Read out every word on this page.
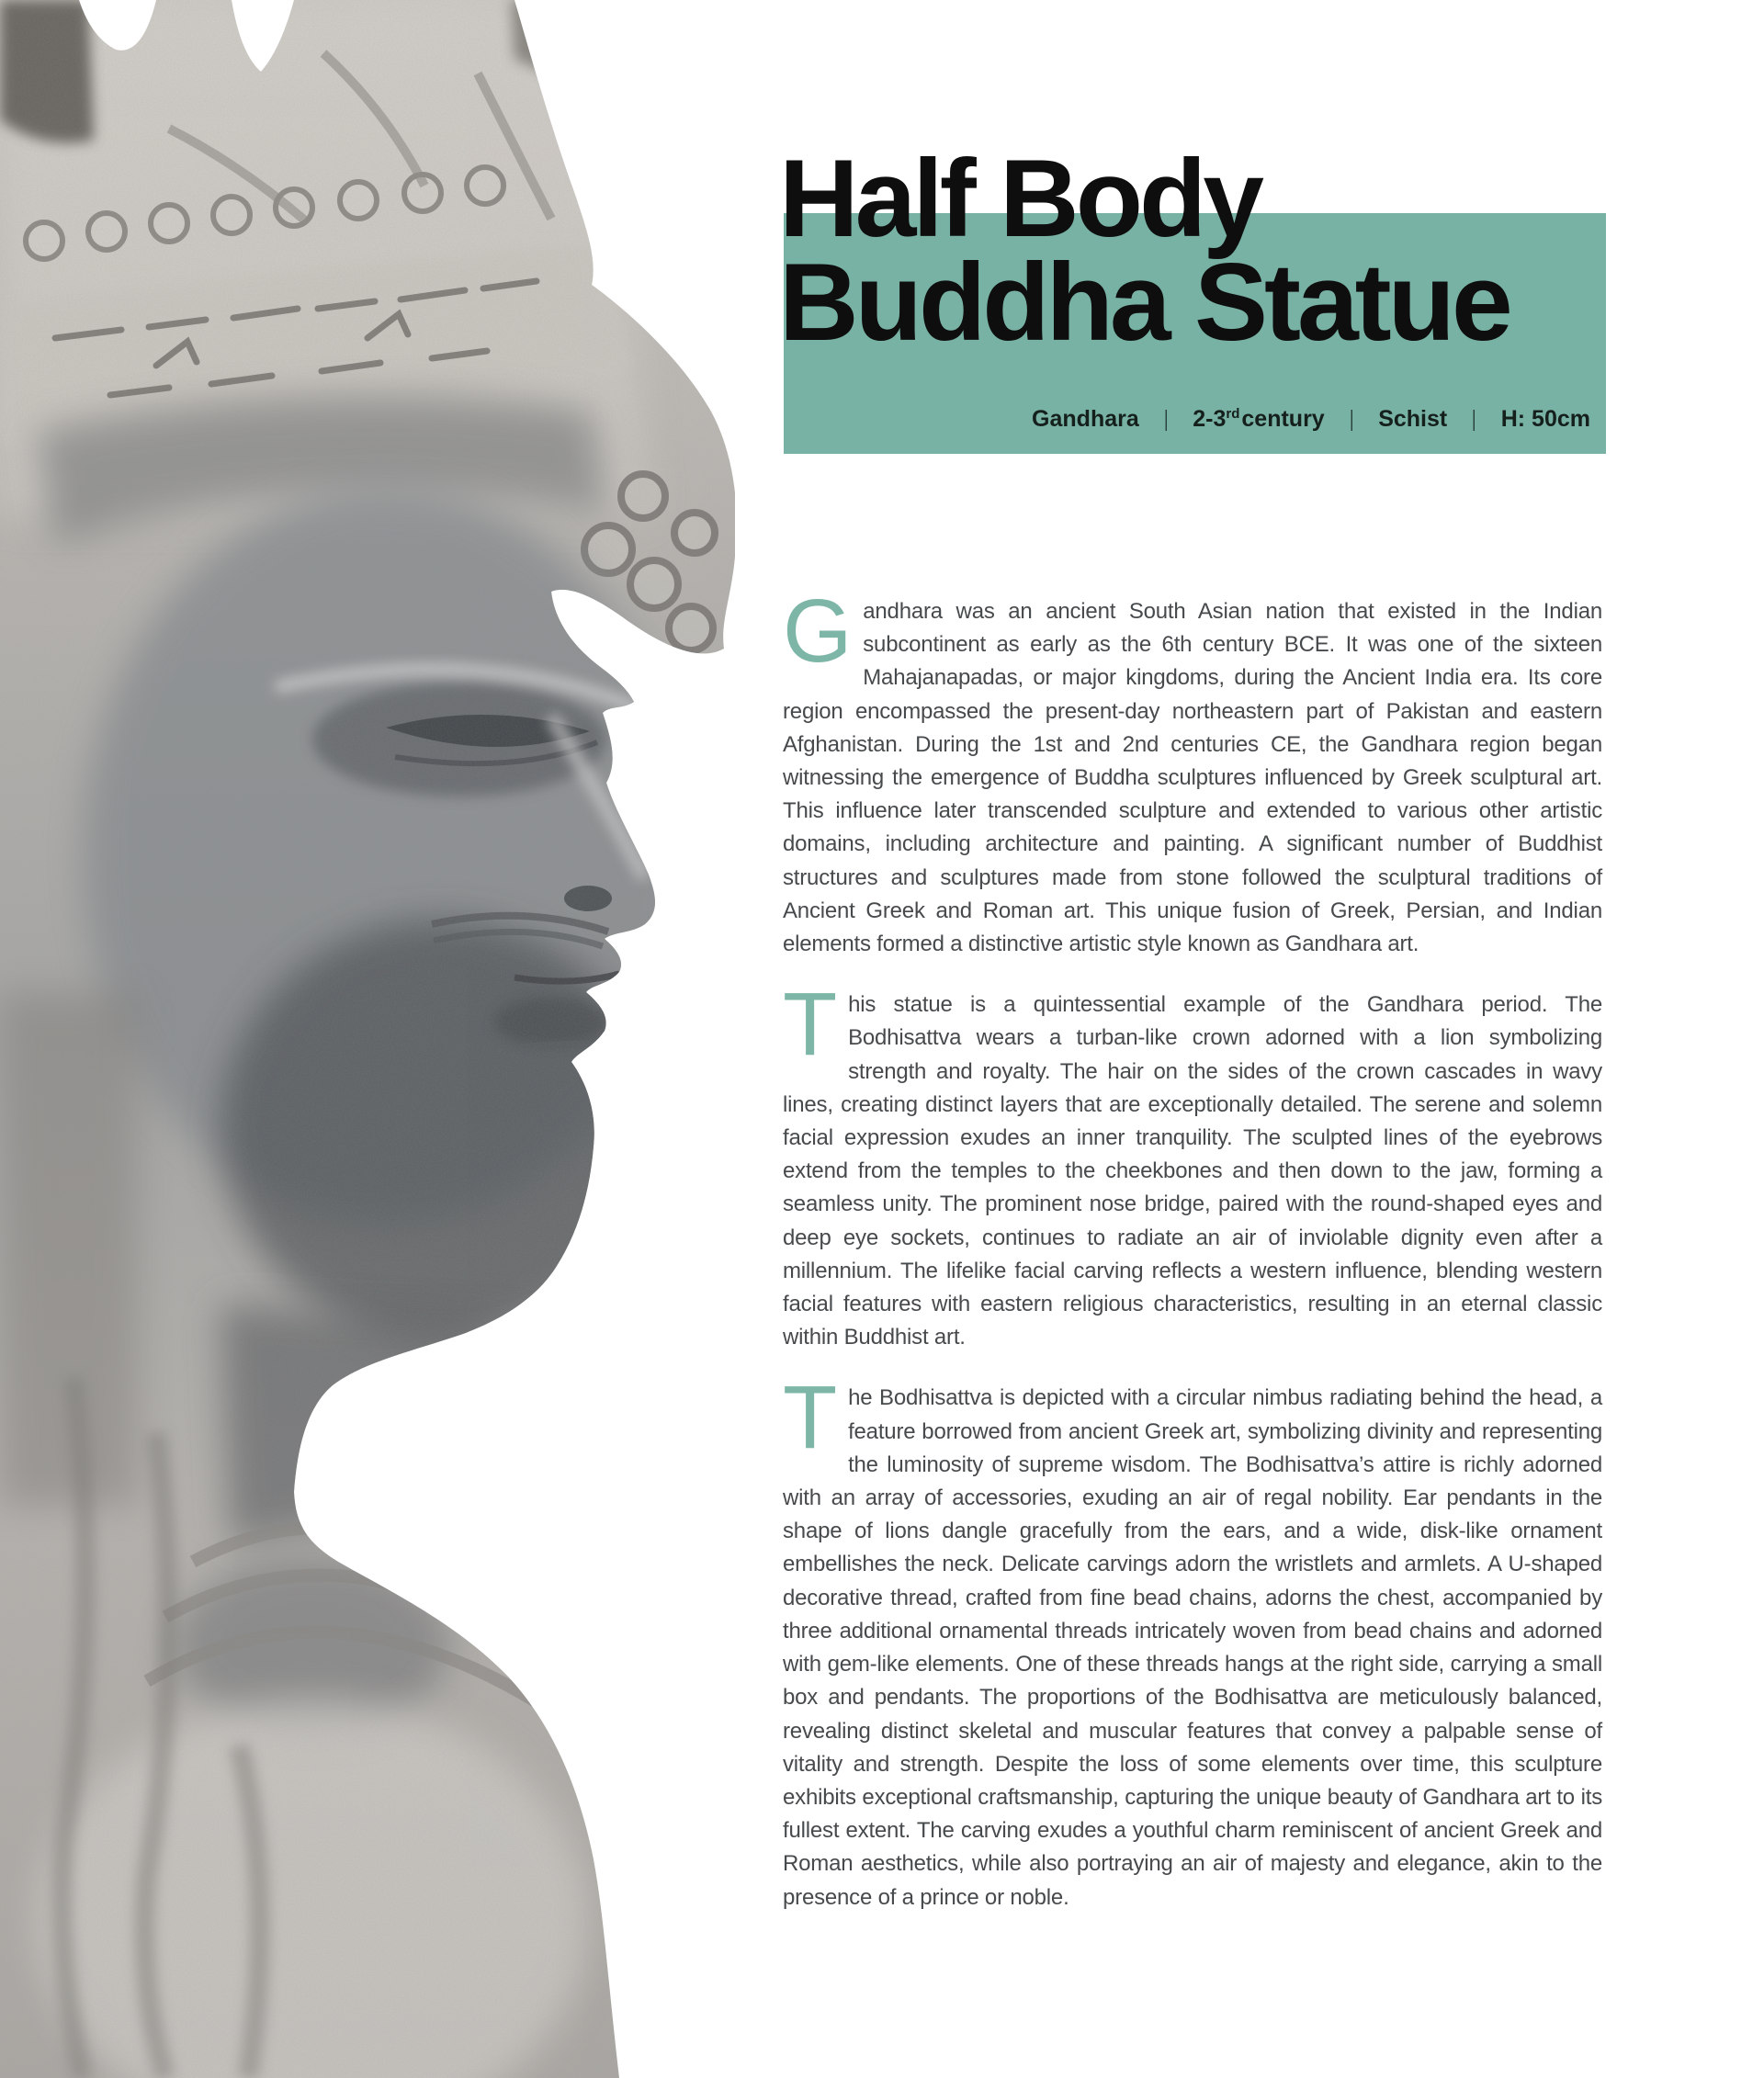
Half Body
Buddha Statue
Gandhara | 2-3rdcentury | Schist | H: 50cm

Gandhara was an ancient South Asian nation that existed in the Indian subcontinent as early as the 6th century BCE. It was one of the sixteen Mahajanapadas, or major kingdoms, during the Ancient India era. Its core region encompassed the present-day northeastern part of Pakistan and eastern Afghanistan. During the 1st and 2nd centuries CE, the Gandhara region began witnessing the emergence of Buddha sculptures influenced by Greek sculptural art. This influence later transcended sculpture and extended to various other artistic domains, including architecture and painting. A significant number of Buddhist structures and sculptures made from stone followed the sculptural traditions of Ancient Greek and Roman art. This unique fusion of Greek, Persian, and Indian elements formed a distinctive artistic style known as Gandhara art.

This statue is a quintessential example of the Gandhara period. The Bodhisattva wears a turban-like crown adorned with a lion symbolizing strength and royalty. The hair on the sides of the crown cascades in wavy lines, creating distinct layers that are exceptionally detailed. The serene and solemn facial expression exudes an inner tranquility. The sculpted lines of the eyebrows extend from the temples to the cheekbones and then down to the jaw, forming a seamless unity. The prominent nose bridge, paired with the round-shaped eyes and deep eye sockets, continues to radiate an air of inviolable dignity even after a millennium. The lifelike facial carving reflects a western influence, blending western facial features with eastern religious characteristics, resulting in an eternal classic within Buddhist art.

The Bodhisattva is depicted with a circular nimbus radiating behind the head, a feature borrowed from ancient Greek art, symbolizing divinity and representing the luminosity of supreme wisdom. The Bodhisattva’s attire is richly adorned with an array of accessories, exuding an air of regal nobility. Ear pendants in the shape of lions dangle gracefully from the ears, and a wide, disk-like ornament embellishes the neck. Delicate carvings adorn the wristlets and armlets. A U-shaped decorative thread, crafted from fine bead chains, adorns the chest, accompanied by three additional ornamental threads intricately woven from bead chains and adorned with gem-like elements. One of these threads hangs at the right side, carrying a small box and pendants. The proportions of the Bodhisattva are meticulously balanced, revealing distinct skeletal and muscular features that convey a palpable sense of vitality and strength. Despite the loss of some elements over time, this sculpture exhibits exceptional craftsmanship, capturing the unique beauty of Gandhara art to its fullest extent. The carving exudes a youthful charm reminiscent of ancient Greek and Roman aesthetics, while also portraying an air of majesty and elegance, akin to the presence of a prince or noble.
